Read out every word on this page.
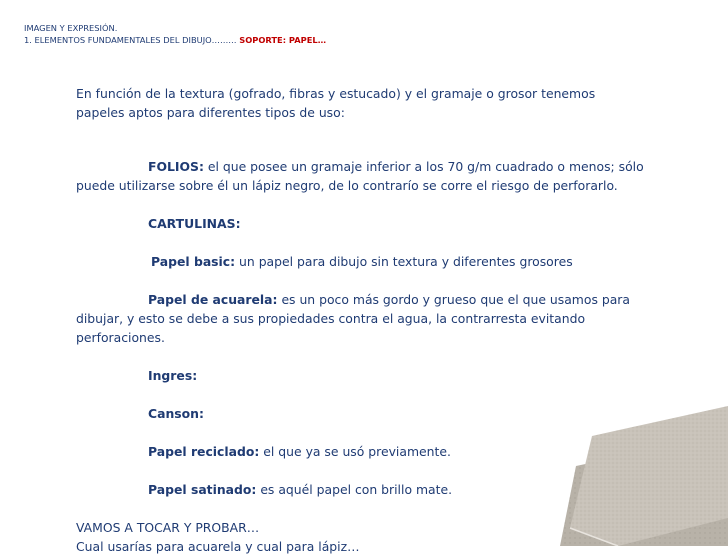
IMAGEN Y EXPRESIÓN.
1. ELEMENTOS FUNDAMENTALES DEL DIBUJO……… SOPORTE: PAPEL…

En función de la textura (gofrado, fibras y estucado) y el gramaje o grosor tenemos papeles aptos para diferentes tipos de uso:

FOLIOS: el que posee un gramaje inferior a los 70 g/m cuadrado o menos; sólo puede utilizarse sobre él un lápiz negro, de lo contrarío se corre el riesgo de perforarlo.

CARTULINAS:

Papel basic: un papel para dibujo sin textura y diferentes grosores

Papel de acuarela: es un poco más gordo y grueso que el que usamos para dibujar, y esto se debe a sus propiedades contra el agua, la contrarresta evitando perforaciones.

Ingres:

Canson:

Papel reciclado: el que ya se usó previamente.

Papel satinado: es aquél papel con brillo mate.

VAMOS A TOCAR Y PROBAR…

Cual usarías para acuarela y cual para lápiz…
